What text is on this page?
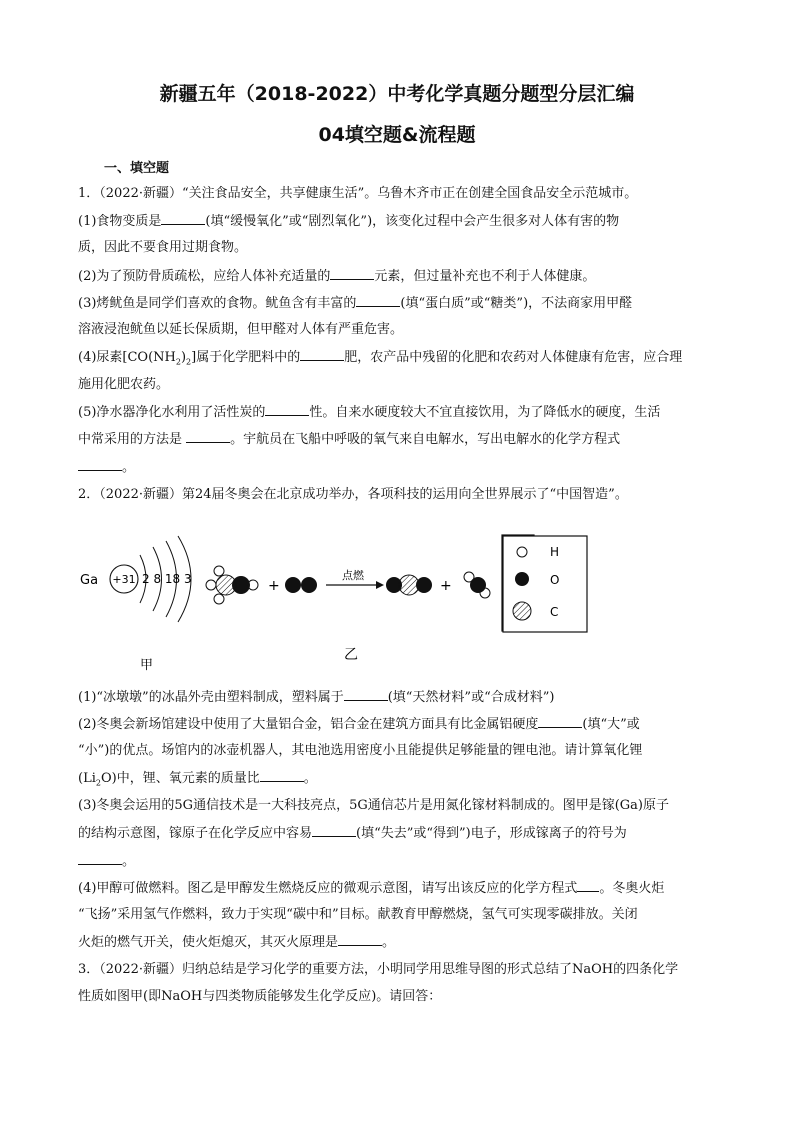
新疆五年（2018-2022）中考化学真题分题型分层汇编
04填空题&流程题
一、填空题
1．（2022·新疆）“关注食品安全，共享健康生活”。乌鲁木齐市正在创建全国食品安全示范城市。
(1)食物变质是	(填“缓慢氧化”或“剧烈氧化”)，该变化过程中会产生很多对人体有害的物
质，因此不要食用过期食物。
(2)为了预防骨质疏松，应给人体补充适量的	元素，但过量补充也不利于人体健康。
(3)烤鱿鱼是同学们喜欢的食物。鱿鱼含有丰富的	(填“蛋白质”或“糖类”)，不法商家用甲醛
溶液浸泡鱿鱼以延长保质期，但甲醛对人体有严重危害。
(4)尿素$[CO(NH_2)_2]$属于化学肥料中的	肥，农产品中残留的化肥和农药对人体健康有危害，应合理
施用化肥农药。
(5)净水器净化水利用了活性炭的	性。自来水硬度较大不宜直接饮用，为了降低水的硬度，生活
中常采用的方法是	。宇航员在飞船中呼吸的氧气来自电解水，写出电解水的化学方程式
。
2．（2022·新疆）第24届冬奥会在北京成功举办，各项科技的运用向全世界展示了“中国智造”。
Ga +31 2 8 18 3
甲
+
点燃
+
乙
H
O
C
(1)“冰墩墩”的冰晶外壳由塑料制成，塑料属于	(填“天然材料”或“合成材料”)
(2)冬奥会新场馆建设中使用了大量铝合金，铝合金在建筑方面具有比金属铝硬度	(填“大”或
“小”)的优点。场馆内的冰壶机器人，其电池选用密度小且能提供足够能量的锂电池。请计算氧化锂
$(Li_2O)$中，锂、氧元素的质量比	。
(3)冬奥会运用的5G通信技术是一大科技亮点，5G通信芯片是用氮化镓材料制成的。图甲是镓(Ga)原子
的结构示意图，镓原子在化学反应中容易	(填“失去”或“得到”)电子，形成镓离子的符号为
。
(4)甲醇可做燃料。图乙是甲醇发生燃烧反应的微观示意图，请写出该反应的化学方程式 。冬奥火炬
“飞扬”采用氢气作燃料，致力于实现“碳中和”目标。献教育甲醇燃烧，氢气可实现零碳排放。关闭
火炬的燃气开关，使火炬熄灭，其灭火原理是	。
3．（2022·新疆）归纳总结是学习化学的重要方法，小明同学用思维导图的形式总结了NaOH的四条化学
性质如图甲(即NaOH与四类物质能够发生化学反应)。请回答：
